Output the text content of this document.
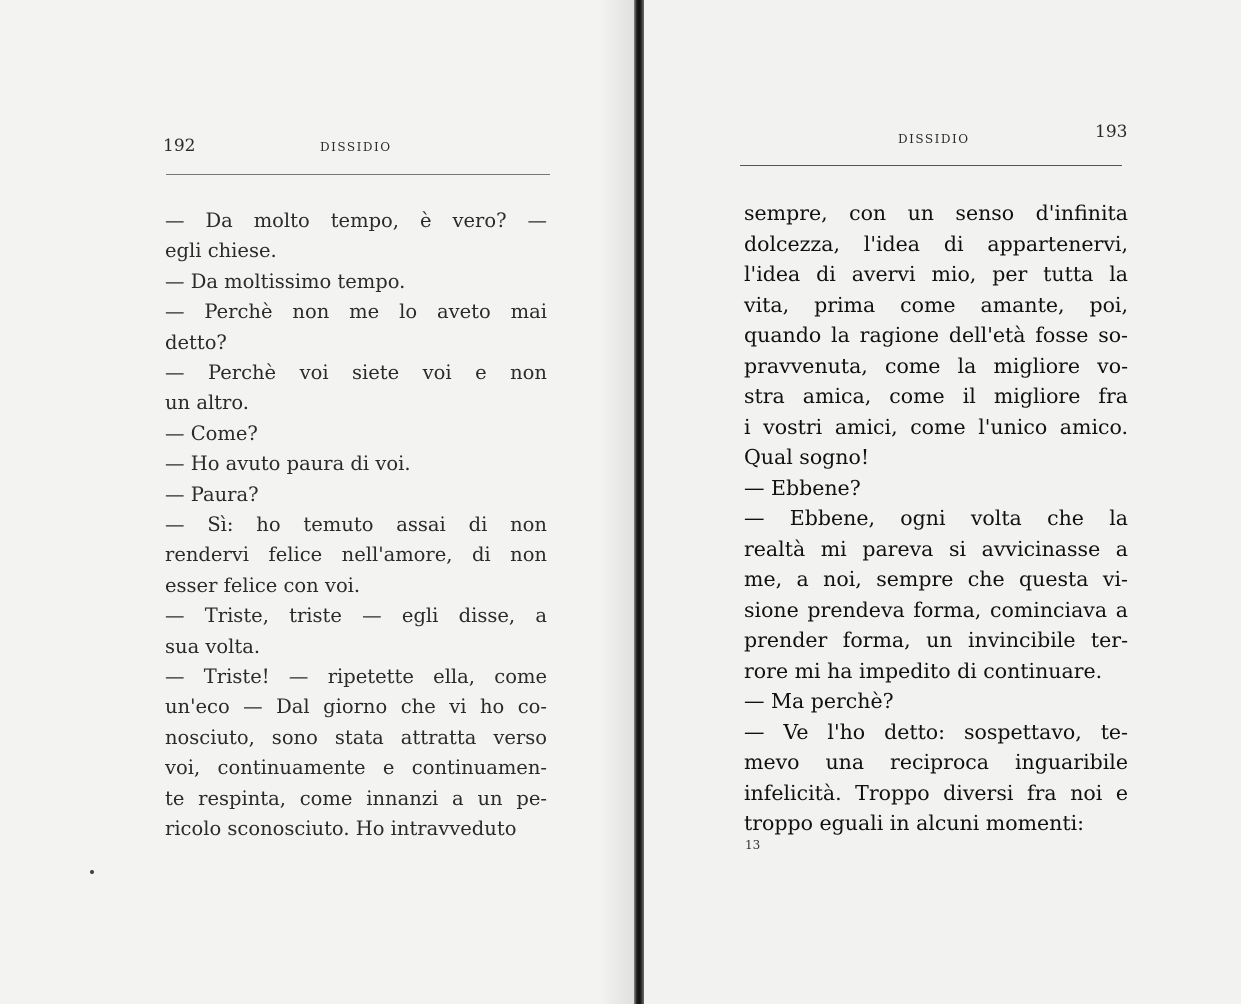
192	DISSIDIO
— Da molto tempo, è vero? —
egli chiese.
— Da moltissimo tempo.
— Perchè non me lo aveto mai
detto?
— Perchè voi siete voi e non
un altro.
— Come?
— Ho avuto paura di voi.
— Paura?
— Sì: ho temuto assai di non
rendervi felice nell'amore, di non
esser felice con voi.
— Triste, triste — egli disse, a
sua volta.
— Triste! — ripetette ella, come
un'eco — Dal giorno che vi ho co-
nosciuto, sono stata attratta verso
voi, continuamente e continuamen-
te respinta, come innanzi a un pe-
ricolo sconosciuto. Ho intravveduto
DISSIDIO	193
sempre, con un senso d'infinita
dolcezza, l'idea di appartenervi,
l'idea di avervi mio, per tutta la
vita, prima come amante, poi,
quando la ragione dell'età fosse so-
pravvenuta, come la migliore vo-
stra amica, come il migliore fra
i vostri amici, come l'unico amico.
Qual sogno!
— Ebbene?
— Ebbene, ogni volta che la
realtà mi pareva si avvicinasse a
me, a noi, sempre che questa vi-
sione prendeva forma, cominciava a
prender forma, un invincibile ter-
rore mi ha impedito di continuare.
— Ma perchè?
— Ve l'ho detto: sospettavo, te-
mevo una reciproca inguaribile
infelicità. Troppo diversi fra noi e
troppo eguali in alcuni momenti:
13
